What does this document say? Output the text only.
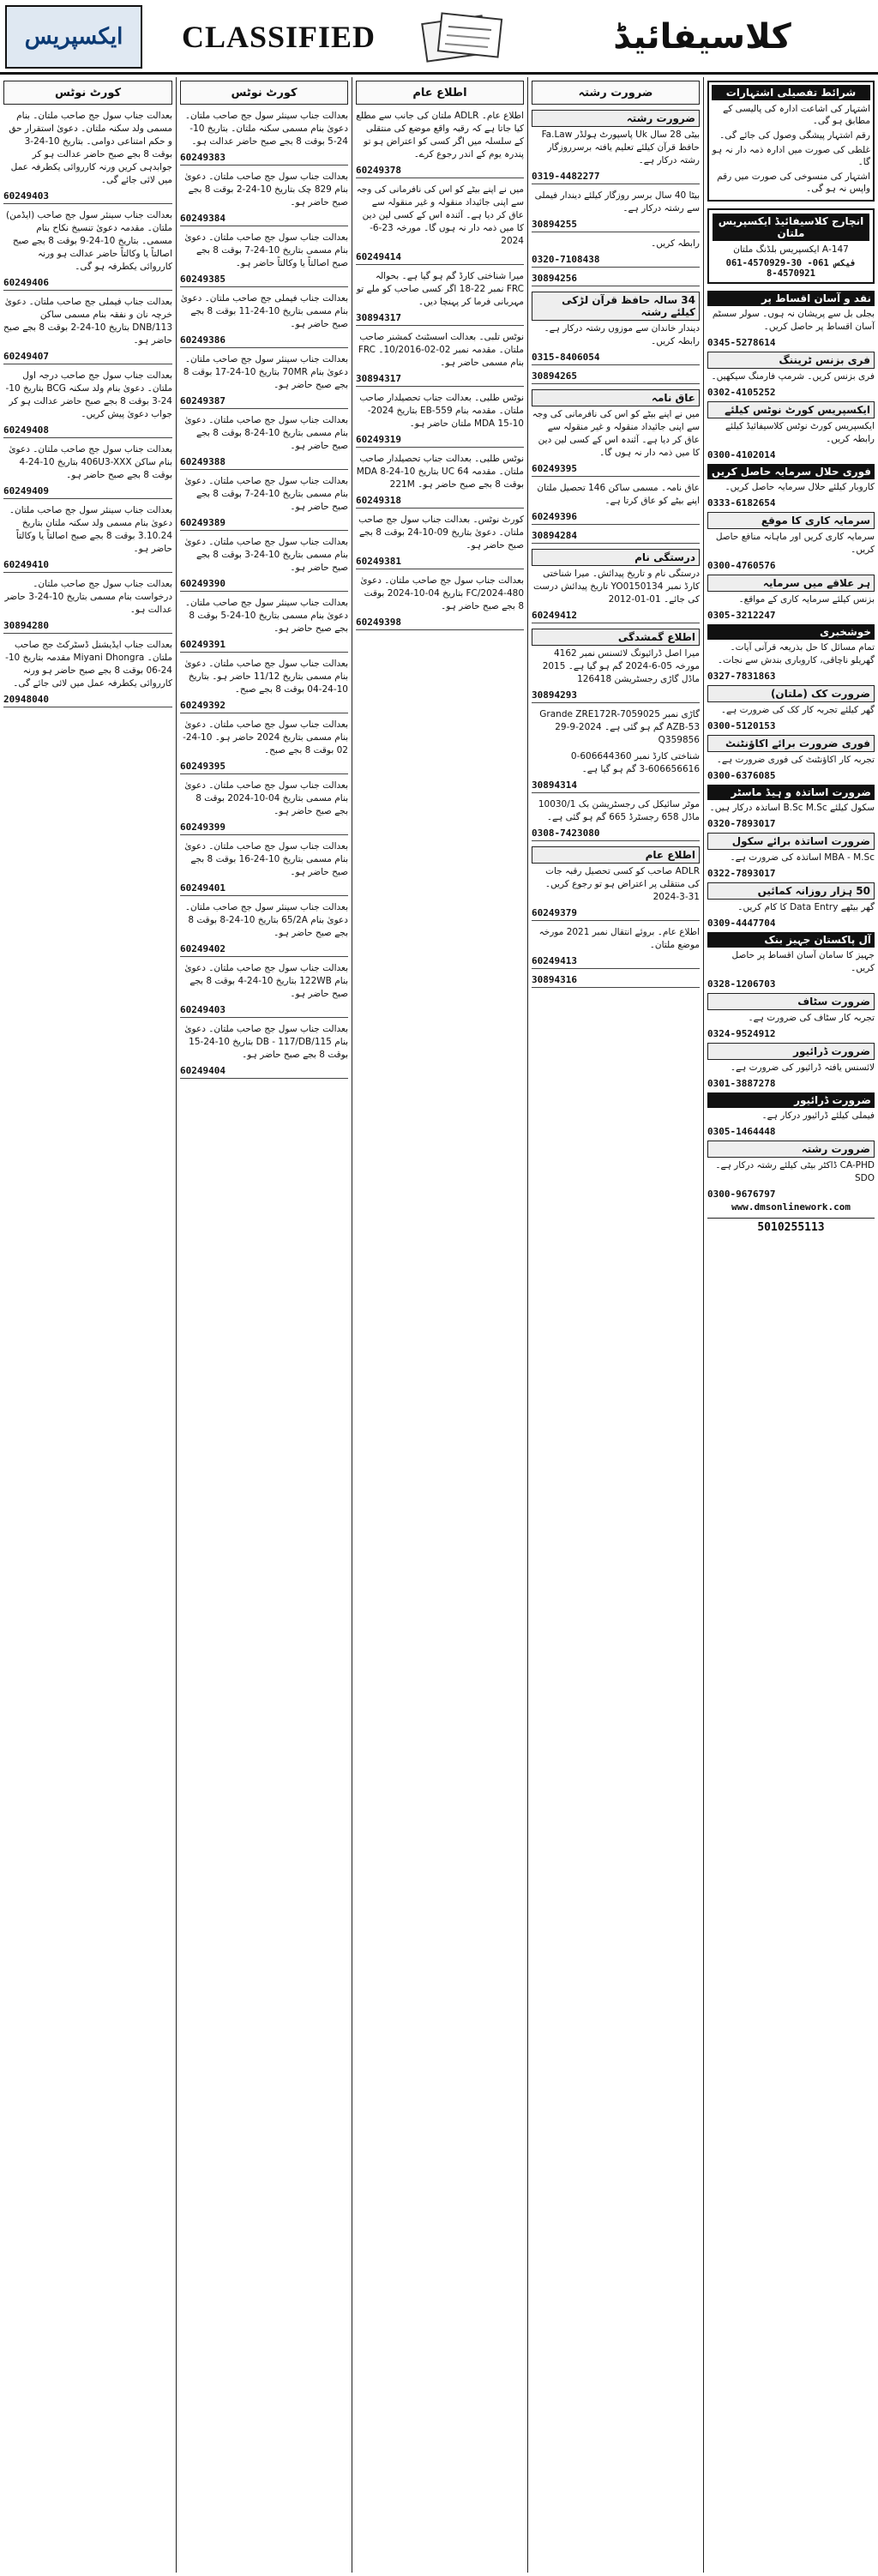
ایکسپریس CLASSIFIED	کلاسیفائیڈ
کورٹ نوٹس
بعدالت جناب سول جج صاحب ملتان۔ بنام مسمی ولد سکنہ ملتان۔ دعویٰ استقرار حق و حکم امتناعی دوامی۔ بتاریخ 10-24-3 بوقت 8 بجے صبح حاضر عدالت ہو کر جوابدہی کریں ورنہ کارروائی یکطرفہ عمل میں لائی جائے گی۔
60249403
بعدالت جناب سینئر سول جج صاحب (ایڈمن) ملتان۔ مقدمہ دعویٰ تنسیخ نکاح بنام مسمی۔ بتاریخ 10-24-9 بوقت 8 بجے صبح اصالتاً یا وکالتاً حاضر عدالت ہو ورنہ کارروائی یکطرفہ ہو گی۔
60249406
بعدالت جناب فیملی جج صاحب ملتان۔ دعویٰ خرچہ نان و نفقہ بنام مسمی ساکن 113/DNB بتاریخ 10-24-2 بوقت 8 بجے صبح حاضر ہو۔
60249407
بعدالت جناب سول جج صاحب درجہ اول ملتان۔ دعویٰ بنام ولد سکنہ BCG بتاریخ 10-24-3 بوقت 8 بجے صبح حاضر عدالت ہو کر جواب دعویٰ پیش کریں۔
60249408
بعدالت جناب سول جج صاحب ملتان۔ دعویٰ بنام ساکن 406U3-XXX بتاریخ 10-24-4 بوقت 8 بجے صبح حاضر ہو۔
60249409
بعدالت جناب سینئر سول جج صاحب ملتان۔ دعویٰ بنام مسمی ولد سکنہ ملتان بتاریخ 3.10.24 بوقت 8 بجے صبح اصالتاً یا وکالتاً حاضر ہو۔
60249410
بعدالت جناب سول جج صاحب ملتان۔ درخواست بنام مسمی بتاریخ 10-24-3 حاضر عدالت ہو۔
30894280
بعدالت جناب ایڈیشنل ڈسٹرکٹ جج صاحب ملتان۔ Miyani Dhongra مقدمہ بتاریخ 10-24-06 بوقت 8 بجے صبح حاضر ہو ورنہ کارروائی یکطرفہ عمل میں لائی جائے گی۔
20948040
کورٹ نوٹس
بعدالت جناب سینئر سول جج صاحب ملتان۔ دعویٰ بنام مسمی سکنہ ملتان۔ بتاریخ 10-24-5 بوقت 8 بجے صبح حاضر عدالت ہو۔
60249383
بعدالت جناب سول جج صاحب ملتان۔ دعویٰ بنام 829 چک بتاریخ 10-24-2 بوقت 8 بجے صبح حاضر ہو۔
60249384
بعدالت جناب سول جج صاحب ملتان۔ دعویٰ بنام مسمی بتاریخ 10-24-7 بوقت 8 بجے صبح اصالتاً یا وکالتاً حاضر ہو۔
60249385
بعدالت جناب فیملی جج صاحب ملتان۔ دعویٰ بنام مسمی بتاریخ 10-24-11 بوقت 8 بجے صبح حاضر ہو۔
60249386
بعدالت جناب سینئر سول جج صاحب ملتان۔ دعویٰ بنام 70MR بتاریخ 10-24-17 بوقت 8 بجے صبح حاضر ہو۔
60249387
بعدالت جناب سول جج صاحب ملتان۔ دعویٰ بنام مسمی بتاریخ 10-24-8 بوقت 8 بجے صبح حاضر ہو۔
60249388
بعدالت جناب سول جج صاحب ملتان۔ دعویٰ بنام مسمی بتاریخ 10-24-7 بوقت 8 بجے صبح حاضر ہو۔
60249389
بعدالت جناب سول جج صاحب ملتان۔ دعویٰ بنام مسمی بتاریخ 10-24-3 بوقت 8 بجے صبح حاضر ہو۔
60249390
بعدالت جناب سینئر سول جج صاحب ملتان۔ دعویٰ بنام مسمی بتاریخ 10-24-5 بوقت 8 بجے صبح حاضر ہو۔
60249391
بعدالت جناب سول جج صاحب ملتان۔ دعویٰ بنام مسمی بتاریخ 11/12 حاضر ہو۔ بتاریخ 10-24-04 بوقت 8 بجے صبح۔
60249392
بعدالت جناب سول جج صاحب ملتان۔ دعویٰ بنام مسمی بتاریخ 2024 حاضر ہو۔ 10-24-02 بوقت 8 بجے صبح۔
60249395
بعدالت جناب سول جج صاحب ملتان۔ دعویٰ بنام مسمی بتاریخ 04-10-2024 بوقت 8 بجے صبح حاضر ہو۔
60249399
بعدالت جناب سول جج صاحب ملتان۔ دعویٰ بنام مسمی بتاریخ 10-24-16 بوقت 8 بجے صبح حاضر ہو۔
60249401
بعدالت جناب سینئر سول جج صاحب ملتان۔ دعویٰ بنام 65/2A بتاریخ 10-24-8 بوقت 8 بجے صبح حاضر ہو۔
60249402
بعدالت جناب سول جج صاحب ملتان۔ دعویٰ بنام 122WB بتاریخ 10-24-4 بوقت 8 بجے صبح حاضر ہو۔
60249403
بعدالت جناب سول جج صاحب ملتان۔ دعویٰ بنام 115/DB - 117/DB بتاریخ 10-24-15 بوقت 8 بجے صبح حاضر ہو۔
60249404
اطلاع عام
اطلاع عام۔ ADLR ملتان کی جانب سے مطلع کیا جاتا ہے کہ رقبہ واقع موضع کی منتقلی کے سلسلہ میں اگر کسی کو اعتراض ہو تو پندرہ یوم کے اندر رجوع کرے۔
60249378
میں نے اپنے بیٹے کو اس کی نافرمانی کی وجہ سے اپنی جائیداد منقولہ و غیر منقولہ سے عاق کر دیا ہے۔ آئندہ اس کے کسی لین دین کا میں ذمہ دار نہ ہوں گا۔ مورخہ 23-6-2024
60249414
میرا شناختی کارڈ گم ہو گیا ہے۔ بحوالہ FRC نمبر 22-18 اگر کسی صاحب کو ملے تو مہربانی فرما کر پہنچا دیں۔
30894317
نوٹس تلبی۔ بعدالت اسسٹنٹ کمشنر صاحب ملتان۔ مقدمہ نمبر 02-02-10/2016۔ FRC بنام مسمی حاضر ہو۔
30894317
نوٹس طلبی۔ بعدالت جناب تحصیلدار صاحب ملتان۔ مقدمہ بنام EB-559 بتاریخ 2024-10-15 MDA ملتان حاضر ہو۔
60249319
نوٹس طلبی۔ بعدالت جناب تحصیلدار صاحب ملتان۔ مقدمہ UC 64 بتاریخ 10-24-8 MDA بوقت 8 بجے صبح حاضر ہو۔ 221M
60249318
کورٹ نوٹس۔ بعدالت جناب سول جج صاحب ملتان۔ دعویٰ بتاریخ 09-10-24 بوقت 8 بجے صبح حاضر ہو۔
60249381
بعدالت جناب سول جج صاحب ملتان۔ دعویٰ 480-FC/2024 بتاریخ 04-10-2024 بوقت 8 بجے صبح حاضر ہو۔
60249398
ضرورت رشتہ
ضرورت رشتہ
بیٹی 28 سال Uk پاسپورٹ ہولڈر Fa.Law حافظ قرآن کیلئے تعلیم یافتہ برسرروزگار رشتہ درکار ہے۔
0319-4482277
بیٹا 40 سال برسر روزگار کیلئے دیندار فیملی سے رشتہ درکار ہے۔
30894255
رابطہ کریں۔
0320-7108438
30894256
34 سالہ حافظ قرآن لڑکی کیلئے رشتہ
دیندار خاندان سے موزوں رشتہ درکار ہے۔ رابطہ کریں۔
0315-8406054
30894265
عاق نامہ
میں نے اپنے بیٹے کو اس کی نافرمانی کی وجہ سے اپنی جائیداد منقولہ و غیر منقولہ سے عاق کر دیا ہے۔ آئندہ اس کے کسی لین دین کا میں ذمہ دار نہ ہوں گا۔
60249395
عاق نامہ۔ مسمی ساکن 146 تحصیل ملتان اپنے بیٹے کو عاق کرتا ہے۔
60249396
30894284
درستگی نام
درستگی نام و تاریخ پیدائش۔ میرا شناختی کارڈ نمبر YO0150134 تاریخ پیدائش درست کی جائے۔ 01-01-2012
60249412
اطلاع گمشدگی
میرا اصل ڈرائیونگ لائسنس نمبر 4162 مورخہ 05-6-2024 گم ہو گیا ہے۔ 2015 ماڈل گاڑی رجسٹریشن 126418
30894293
گاڑی نمبر Grande ZRE172R-7059025 AZB-53 گم ہو گئی ہے۔ 2024-9-29 Q359856
شناختی کارڈ نمبر 606644360-0 606656616-3 گم ہو گیا ہے۔
30894314
موٹر سائیکل کی رجسٹریشن بک 10030/1 ماڈل 658 رجسٹرڈ 665 گم ہو گئی ہے۔
0308-7423080
اطلاع عام
ADLR صاحب کو کسی تحصیل رقبہ جات کی منتقلی پر اعتراض ہو تو رجوع کریں۔ 31-3-2024
60249379
اطلاع عام۔ بروئے انتقال نمبر 2021 مورخہ موضع ملتان۔
60249413
30894316
شرائط تفصیلی اشتہارات
اشتہار کی اشاعت ادارہ کی پالیسی کے مطابق ہو گی۔
رقم اشتہار پیشگی وصول کی جائے گی۔
غلطی کی صورت میں ادارہ ذمہ دار نہ ہو گا۔
اشتہار کی منسوخی کی صورت میں رقم واپس نہ ہو گی۔
انچارج کلاسیفائیڈ ایکسپریس ملتان
147-A ایکسپریس بلڈنگ ملتان
061-4570929-30 فیکس 061-4570921-8
نقد و آسان اقساط پر
بجلی بل سے پریشان نہ ہوں۔ سولر سسٹم آسان اقساط پر حاصل کریں۔
0345-5278614
فری بزنس ٹریننگ
فری بزنس کریں۔ شرمپ فارمنگ سیکھیں۔
0302-4105252
ایکسپریس کورٹ نوٹس کیلئے
ایکسپریس کورٹ نوٹس کلاسیفائیڈ کیلئے رابطہ کریں۔
0300-4102014
فوری حلال سرمایہ حاصل کریں
کاروبار کیلئے حلال سرمایہ حاصل کریں۔
0333-6182654
سرمایہ کاری کا موقع
سرمایہ کاری کریں اور ماہانہ منافع حاصل کریں۔
0300-4760576
ہر علاقے میں سرمایہ
بزنس کیلئے سرمایہ کاری کے مواقع۔
0305-3212247
خوشخبری
تمام مسائل کا حل بذریعہ قرآنی آیات۔ گھریلو ناچاقی، کاروباری بندش سے نجات۔
0327-7831863
ضرورت کک (ملتان)
گھر کیلئے تجربہ کار کک کی ضرورت ہے۔
0300-5120153
فوری ضرورت برائے اکاؤنٹنٹ
تجربہ کار اکاؤنٹنٹ کی فوری ضرورت ہے۔
0300-6376085
ضرورت اساتذہ و ہیڈ ماسٹر
سکول کیلئے B.Sc M.Sc اساتذہ درکار ہیں۔
0320-7893017
ضرورت اساتذہ برائے سکول
MBA - M.Sc اساتذہ کی ضرورت ہے۔
0322-7893017
50 ہزار روزانہ کمائیں
گھر بیٹھے Data Entry کا کام کریں۔
0309-4447704
آل پاکستان جہیز بنک
جہیز کا سامان آسان اقساط پر حاصل کریں۔
0328-1206703
ضرورت سٹاف
تجربہ کار سٹاف کی ضرورت ہے۔
0324-9524912
ضرورت ڈرائیور
لائسنس یافتہ ڈرائیور کی ضرورت ہے۔
0301-3887278
ضرورت ڈرائیور
فیملی کیلئے ڈرائیور درکار ہے۔
0305-1464448
ضرورت رشتہ
CA-PHD ڈاکٹر بیٹی کیلئے رشتہ درکار ہے۔ SDO
0300-9676797
www.dmsonlinework.com
5010255113
